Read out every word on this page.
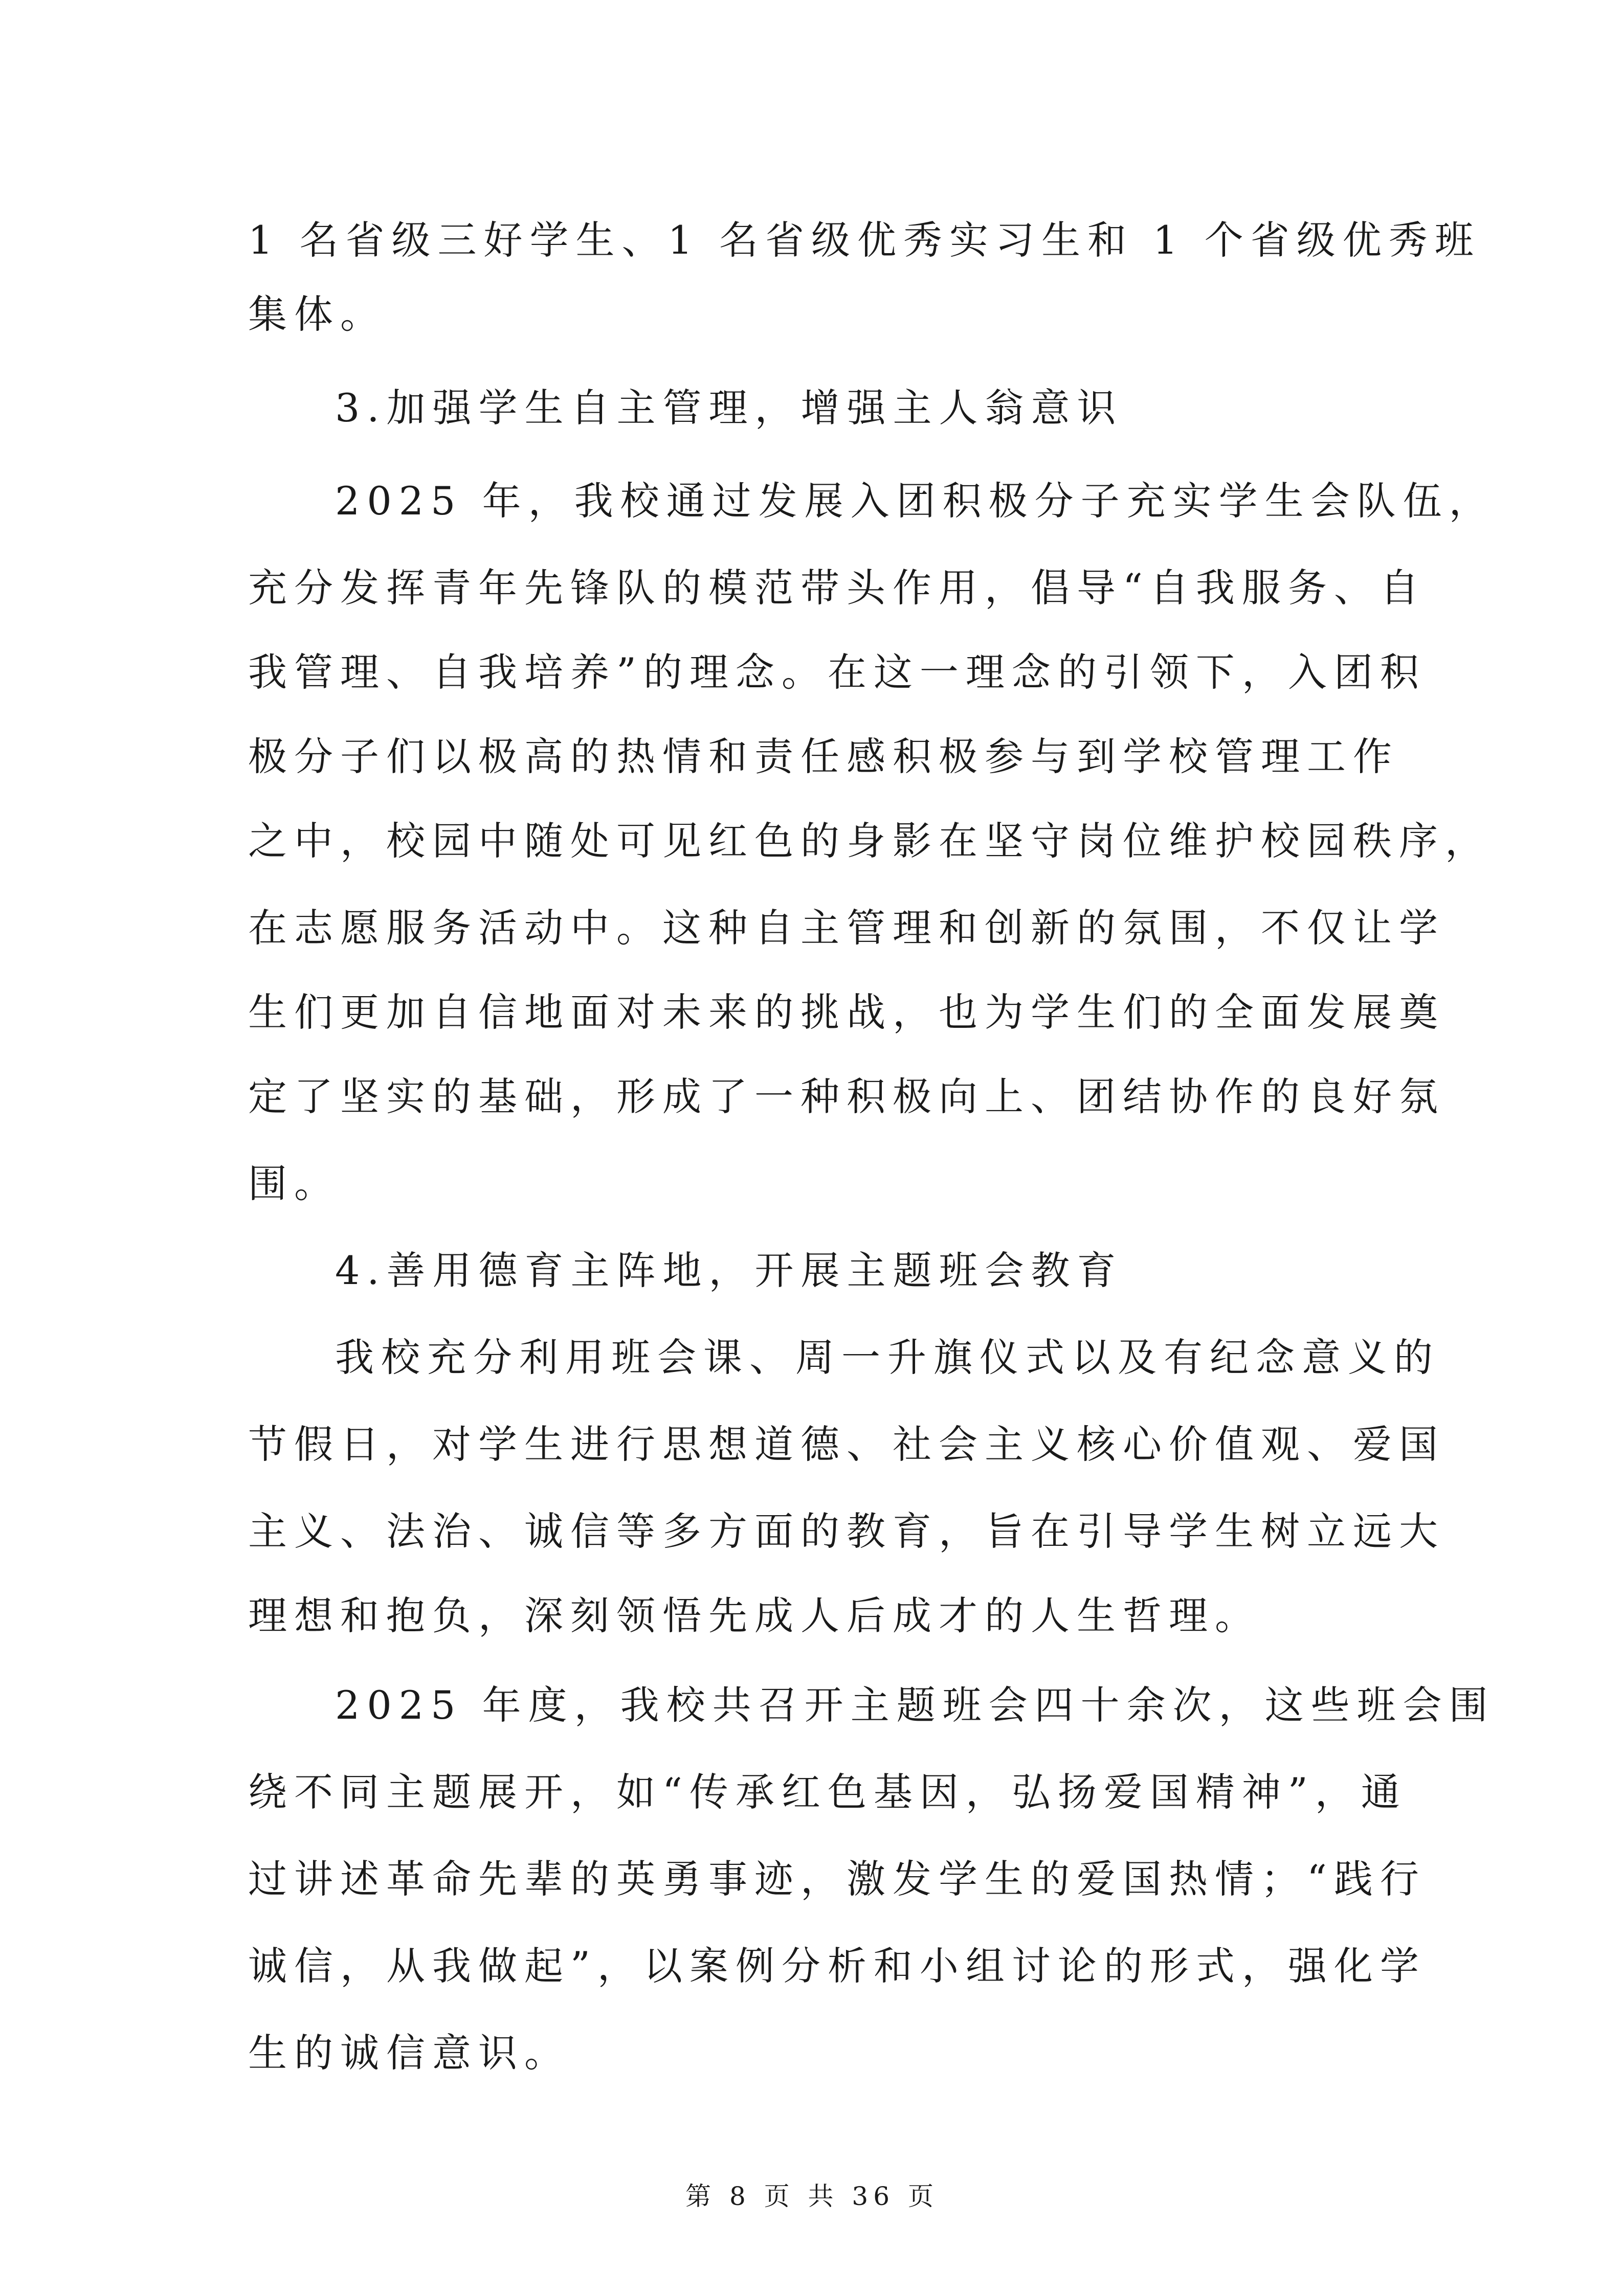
1 名省级三好学生、1 名省级优秀实习生和 1 个省级优秀班
集体。
3.加强学生自主管理，增强主人翁意识
2025 年，我校通过发展入团积极分子充实学生会队伍，
充分发挥青年先锋队的模范带头作用，倡导“自我服务、自
我管理、自我培养”的理念。在这一理念的引领下，入团积
极分子们以极高的热情和责任感积极参与到学校管理工作
之中，校园中随处可见红色的身影在坚守岗位维护校园秩序，
在志愿服务活动中。这种自主管理和创新的氛围，不仅让学
生们更加自信地面对未来的挑战，也为学生们的全面发展奠
定了坚实的基础，形成了一种积极向上、团结协作的良好氛
围。
4.善用德育主阵地，开展主题班会教育
我校充分利用班会课、周一升旗仪式以及有纪念意义的
节假日，对学生进行思想道德、社会主义核心价值观、爱国
主义、法治、诚信等多方面的教育，旨在引导学生树立远大
理想和抱负，深刻领悟先成人后成才的人生哲理。
2025 年度，我校共召开主题班会四十余次，这些班会围
绕不同主题展开，如“传承红色基因，弘扬爱国精神”，通
过讲述革命先辈的英勇事迹，激发学生的爱国热情；“践行
诚信，从我做起”，以案例分析和小组讨论的形式，强化学
生的诚信意识。
第 8 页 共 36 页
